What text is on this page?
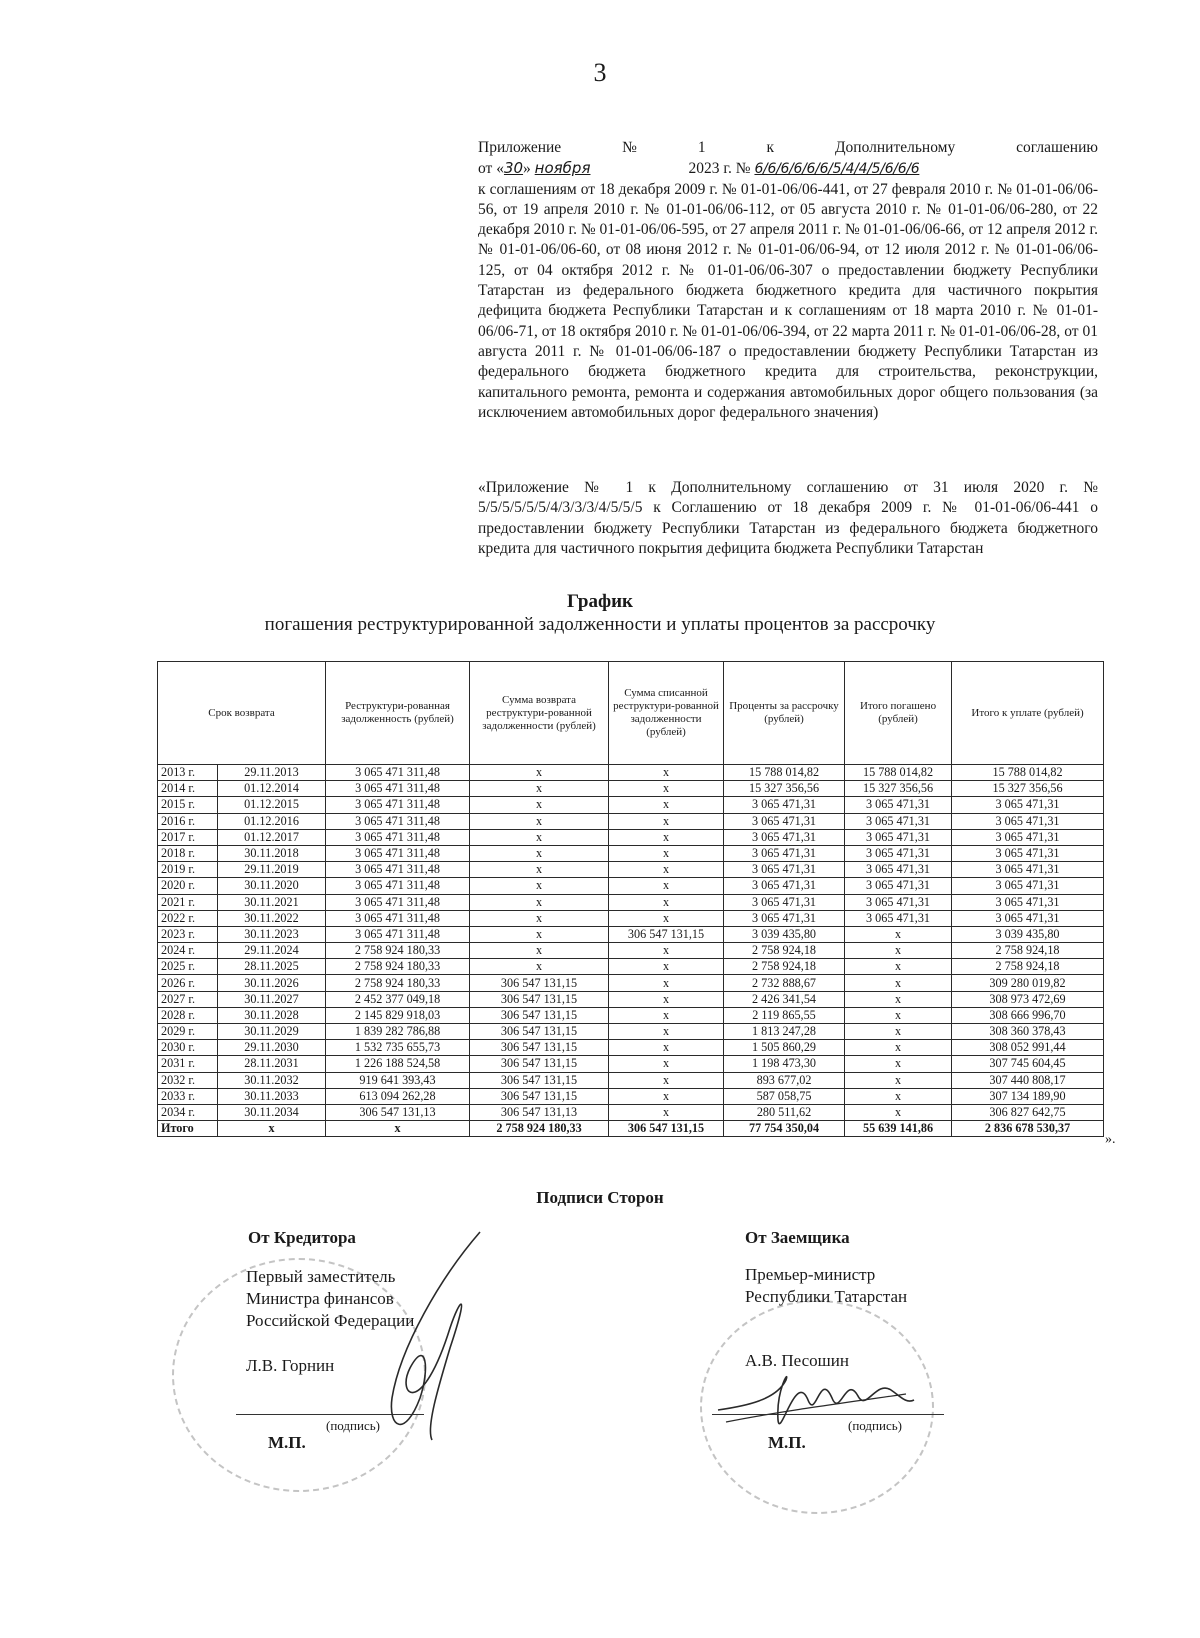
3
Приложение	№	1	к	Дополнительному	соглашению
от «30» ноября	2023 г. № 6/6/6/6/6/6/5/4/4/5/6/6/6
к соглашениям от 18 декабря 2009 г. № 01-01-06/06-441, от 27 февраля 2010 г. № 01-01-06/06-56, от 19 апреля 2010 г. № 01-01-06/06-112, от 05 августа 2010 г. № 01-01-06/06-280, от 22 декабря 2010 г. № 01-01-06/06-595, от 27 апреля 2011 г. № 01-01-06/06-66, от 12 апреля 2012 г. № 01-01-06/06-60, от 08 июня 2012 г. № 01-01-06/06-94, от 12 июля 2012 г. № 01-01-06/06-125, от 04 октября 2012 г. № 01-01-06/06-307 о предоставлении бюджету Республики Татарстан из федерального бюджета бюджетного кредита для частичного покрытия дефицита бюджета Республики Татарстан и к соглашениям от 18 марта 2010 г. № 01-01-06/06-71, от 18 октября 2010 г. № 01-01-06/06-394, от 22 марта 2011 г. № 01-01-06/06-28, от 01 августа 2011 г. № 01-01-06/06-187 о предоставлении бюджету Республики Татарстан из федерального бюджета бюджетного кредита для строительства, реконструкции, капитального ремонта, ремонта и содержания автомобильных дорог общего пользования (за исключением автомобильных дорог федерального значения)
«Приложение № 1 к Дополнительному соглашению от 31 июля 2020 г. № 5/5/5/5/5/5/4/3/3/3/4/5/5/5 к Соглашению от 18 декабря 2009 г. № 01-01-06/06-441 о предоставлении бюджету Республики Татарстан из федерального бюджета бюджетного кредита для частичного покрытия дефицита бюджета Республики Татарстан
График
погашения реструктурированной задолженности и уплаты процентов за рассрочку
Срок возврата		Реструктури-рованная задолженность (рублей)	Сумма возврата реструктури-рованной задолженности (рублей)	Сумма списанной реструктури-рованной задолженности (рублей)	Проценты за рассрочку (рублей)	Итого погашено (рублей)	Итого к уплате (рублей)
2013 г.	29.11.2013	3 065 471 311,48	x	x	15 788 014,82	15 788 014,82	15 788 014,82
2014 г.	01.12.2014	3 065 471 311,48	x	x	15 327 356,56	15 327 356,56	15 327 356,56
2015 г.	01.12.2015	3 065 471 311,48	x	x	3 065 471,31	3 065 471,31	3 065 471,31
2016 г.	01.12.2016	3 065 471 311,48	x	x	3 065 471,31	3 065 471,31	3 065 471,31
2017 г.	01.12.2017	3 065 471 311,48	x	x	3 065 471,31	3 065 471,31	3 065 471,31
2018 г.	30.11.2018	3 065 471 311,48	x	x	3 065 471,31	3 065 471,31	3 065 471,31
2019 г.	29.11.2019	3 065 471 311,48	x	x	3 065 471,31	3 065 471,31	3 065 471,31
2020 г.	30.11.2020	3 065 471 311,48	x	x	3 065 471,31	3 065 471,31	3 065 471,31
2021 г.	30.11.2021	3 065 471 311,48	x	x	3 065 471,31	3 065 471,31	3 065 471,31
2022 г.	30.11.2022	3 065 471 311,48	x	x	3 065 471,31	3 065 471,31	3 065 471,31
2023 г.	30.11.2023	3 065 471 311,48	x	306 547 131,15	3 039 435,80	x	3 039 435,80
2024 г.	29.11.2024	2 758 924 180,33	x	x	2 758 924,18	x	2 758 924,18
2025 г.	28.11.2025	2 758 924 180,33	x	x	2 758 924,18	x	2 758 924,18
2026 г.	30.11.2026	2 758 924 180,33	306 547 131,15	x	2 732 888,67	x	309 280 019,82
2027 г.	30.11.2027	2 452 377 049,18	306 547 131,15	x	2 426 341,54	x	308 973 472,69
2028 г.	30.11.2028	2 145 829 918,03	306 547 131,15	x	2 119 865,55	x	308 666 996,70
2029 г.	30.11.2029	1 839 282 786,88	306 547 131,15	x	1 813 247,28	x	308 360 378,43
2030 г.	29.11.2030	1 532 735 655,73	306 547 131,15	x	1 505 860,29	x	308 052 991,44
2031 г.	28.11.2031	1 226 188 524,58	306 547 131,15	x	1 198 473,30	x	307 745 604,45
2032 г.	30.11.2032	919 641 393,43	306 547 131,15	x	893 677,02	x	307 440 808,17
2033 г.	30.11.2033	613 094 262,28	306 547 131,15	x	587 058,75	x	307 134 189,90
2034 г.	30.11.2034	306 547 131,13	306 547 131,13	x	280 511,62	x	306 827 642,75
Итого	x	x	2 758 924 180,33	306 547 131,15	77 754 350,04	55 639 141,86	2 836 678 530,37
».
Подписи Сторон
От Кредитора
Первый заместитель
Министра финансов
Российской Федерации
Л.В. Горнин
(подпись)
М.П.
От Заемщика
Премьер-министр
Республики Татарстан
А.В. Песошин
(подпись)
М.П.
